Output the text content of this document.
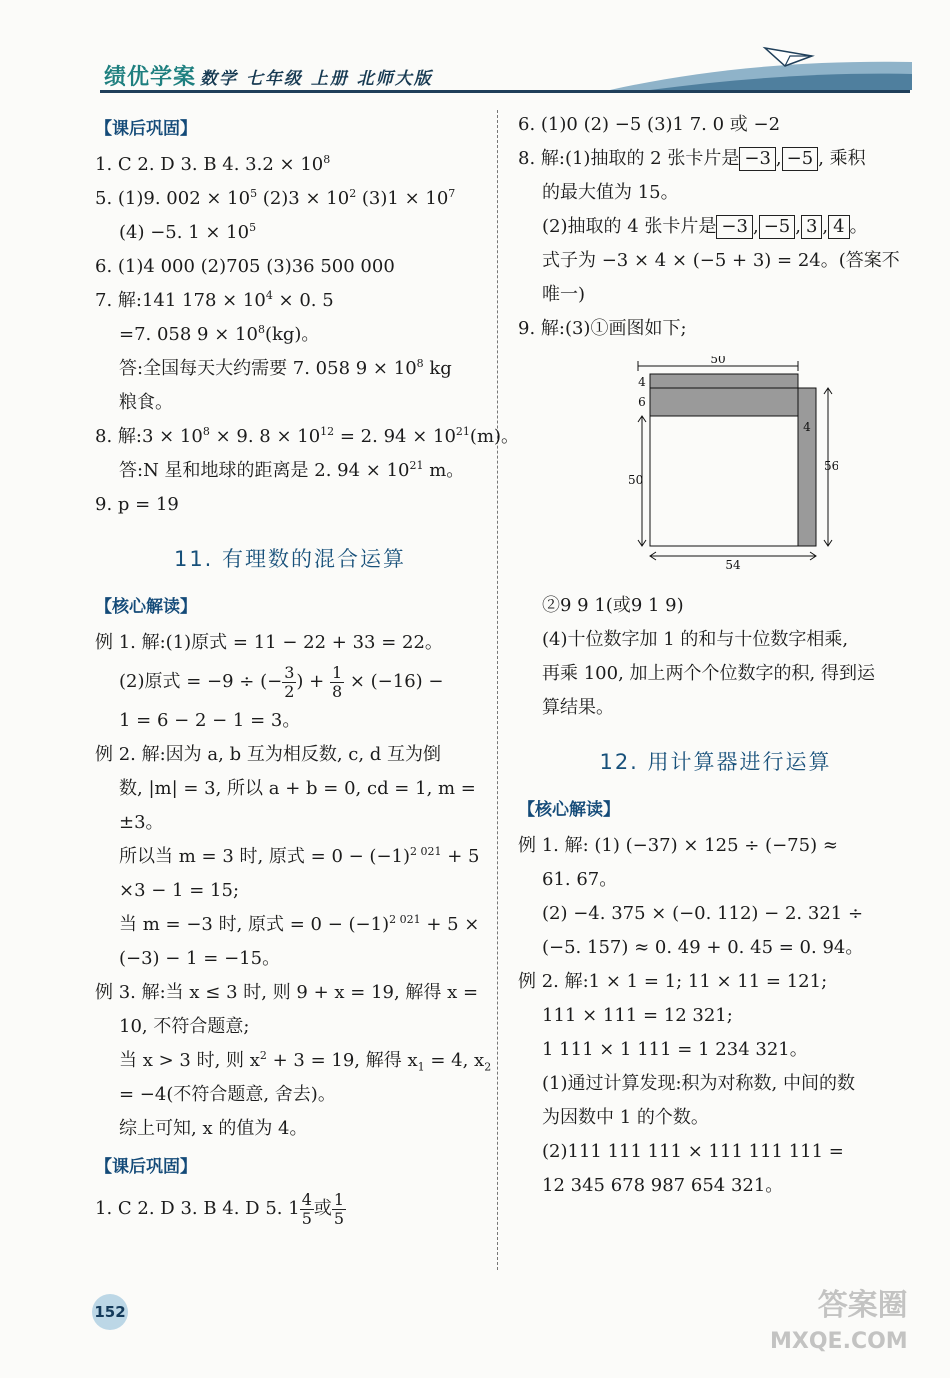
绩优学案 数学 七年级 上册 北师大版
【课后巩固】
1. C 2. D 3. B 4. $3.2 \times 10^8$
5. (1)9. $002 \times 10^5$ $(2)3 \times 10^2$ $(3)1 \times 10^7$
(4) −5. $1 \times 10^5$
6. (1)4 000 (2)705 (3)36 500 000
7. 解:141 $178 \times 10^4 \times 0$. 5
=7. 058 $9 \times 10^8(kg)$。
答:全国每天大约需要 7. 058 $9 \times 10^8$ kg
粮食。
8. 解:3 × $10^8 \times 9$. $8 \times 10^{12} = 2$. $94 \times 10^{21}(m)$。
答:N 星和地球的距离是 2. $94 \times 10^{21}$ m。
9. p = 19
11. 有理数的混合运算
【核心解读】
例 1. 解:(1)原式 = 11 − 22 + 33 = 22。
(2)原式 = −9 ÷ (− $\frac{3}{2}$ ) + $\frac{1}{8} \times (-16)$ −
1 = 6 − 2 − 1 = 3。
例 2. 解:因为 a, b 互为相反数, c, d 互为倒
数, |m| = 3, 所以 a + b = 0, cd = 1, m =
±3。
所以当 m = 3 时, 原式 = $0 - (-1)^{2 021} + 5$
×3 − 1 = 15;
当 m = −3 时, 原式 = $0 - (-1)^{2 021} + 5$ ×
(−3) − 1 = −15。
例 3. 解:当 x ≤ 3 时, 则 9 + x = 19, 解得 x =
10, 不符合题意;
当 x > 3 时, 则 $x^2 + 3 = 19$, 解得 $x_1 = 4$, $x_2$
= −4(不符合题意, 舍去)。
综上可知, x 的值为 4。
【课后巩固】
1. C 2. D 3. B 4. D 5. $1 \frac{4}{5}$ 或 $\frac{1}{5}$
6. (1)0 (2) −5 (3)1 7. 0 或 −2
8. 解:(1)抽取的 2 张卡片是 −3 , −5 , 乘积
的最大值为 15。
(2)抽取的 4 张卡片是 −3 , −5 , 3 , 4 。
式子为 −3 × 4 × (−5 + 3) = 24。(答案不
唯一)
9. 解:(3)①画图如下;
50
4
6
4
50
56
54
②9 9 1(或9 1 9)
(4)十位数字加 1 的和与十位数字相乘,
再乘 100, 加上两个个位数字的积, 得到运
算结果。
12. 用计算器进行运算
【核心解读】
例 1. 解: (1) (−37) × 125 ÷ (−75) ≈
61. 67。
(2) −4. 375 × (−0. 112) − 2. 321 ÷
(−5. 157) ≈ 0. 49 + 0. 45 = 0. 94。
例 2. 解:1 × 1 = 1; 11 × 11 = 121;
111 × 111 = 12 321;
1 111 × 1 111 = 1 234 321。
(1)通过计算发现:积为对称数, 中间的数
为因数中 1 的个数。
(2)111 111 111 × 111 111 111 =
12 345 678 987 654 321。
152	答案圈
MXQE.COM
